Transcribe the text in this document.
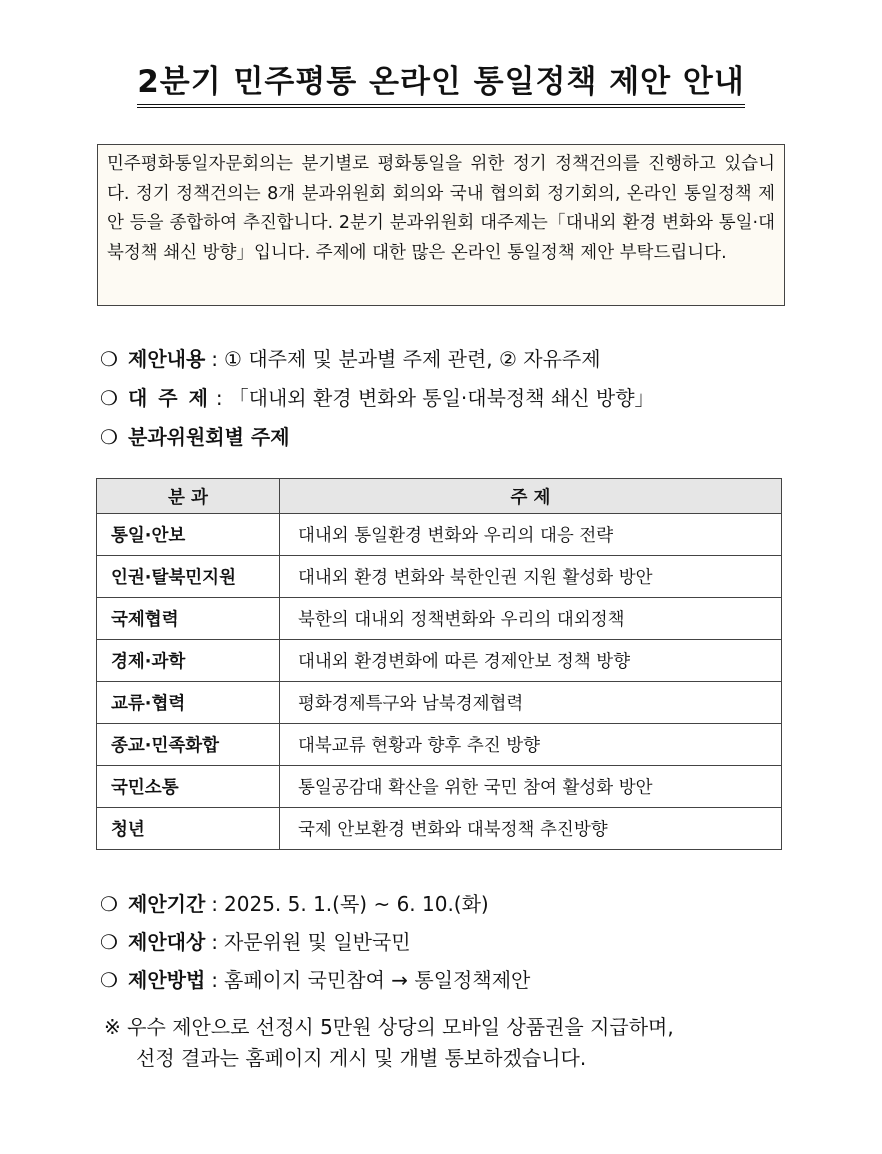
2분기 민주평통 온라인 통일정책 제안 안내
민주평화통일자문회의는 분기별로 평화통일을 위한 정기 정책건의를 진행하고 있습니다. 정기 정책건의는 8개 분과위원회 회의와 국내 협의회 정기회의, 온라인 통일정책 제안 등을 종합하여 추진합니다. 2분기 분과위원회 대주제는「대내외 환경 변화와 통일·대북정책 쇄신 방향」입니다. 주제에 대한 많은 온라인 통일정책 제안 부탁드립니다.
❍ 제안내용 : ① 대주제 및 분과별 주제 관련, ② 자유주제
❍ 대 주 제 : 「대내외 환경 변화와 통일·대북정책 쇄신 방향」
❍ 분과위원회별 주제
분 과	주 제
통일·안보	대내외 통일환경 변화와 우리의 대응 전략
인권·탈북민지원	대내외 환경 변화와 북한인권 지원 활성화 방안
국제협력	북한의 대내외 정책변화와 우리의 대외정책
경제·과학	대내외 환경변화에 따른 경제안보 정책 방향
교류·협력	평화경제특구와 남북경제협력
종교·민족화합	대북교류 현황과 향후 추진 방향
국민소통	통일공감대 확산을 위한 국민 참여 활성화 방안
청년	국제 안보환경 변화와 대북정책 추진방향
❍ 제안기간 : 2025. 5. 1.(목) ~ 6. 10.(화)
❍ 제안대상 : 자문위원 및 일반국민
❍ 제안방법 : 홈페이지 국민참여 → 통일정책제안
※ 우수 제안으로 선정시 5만원 상당의 모바일 상품권을 지급하며,
선정 결과는 홈페이지 게시 및 개별 통보하겠습니다.
